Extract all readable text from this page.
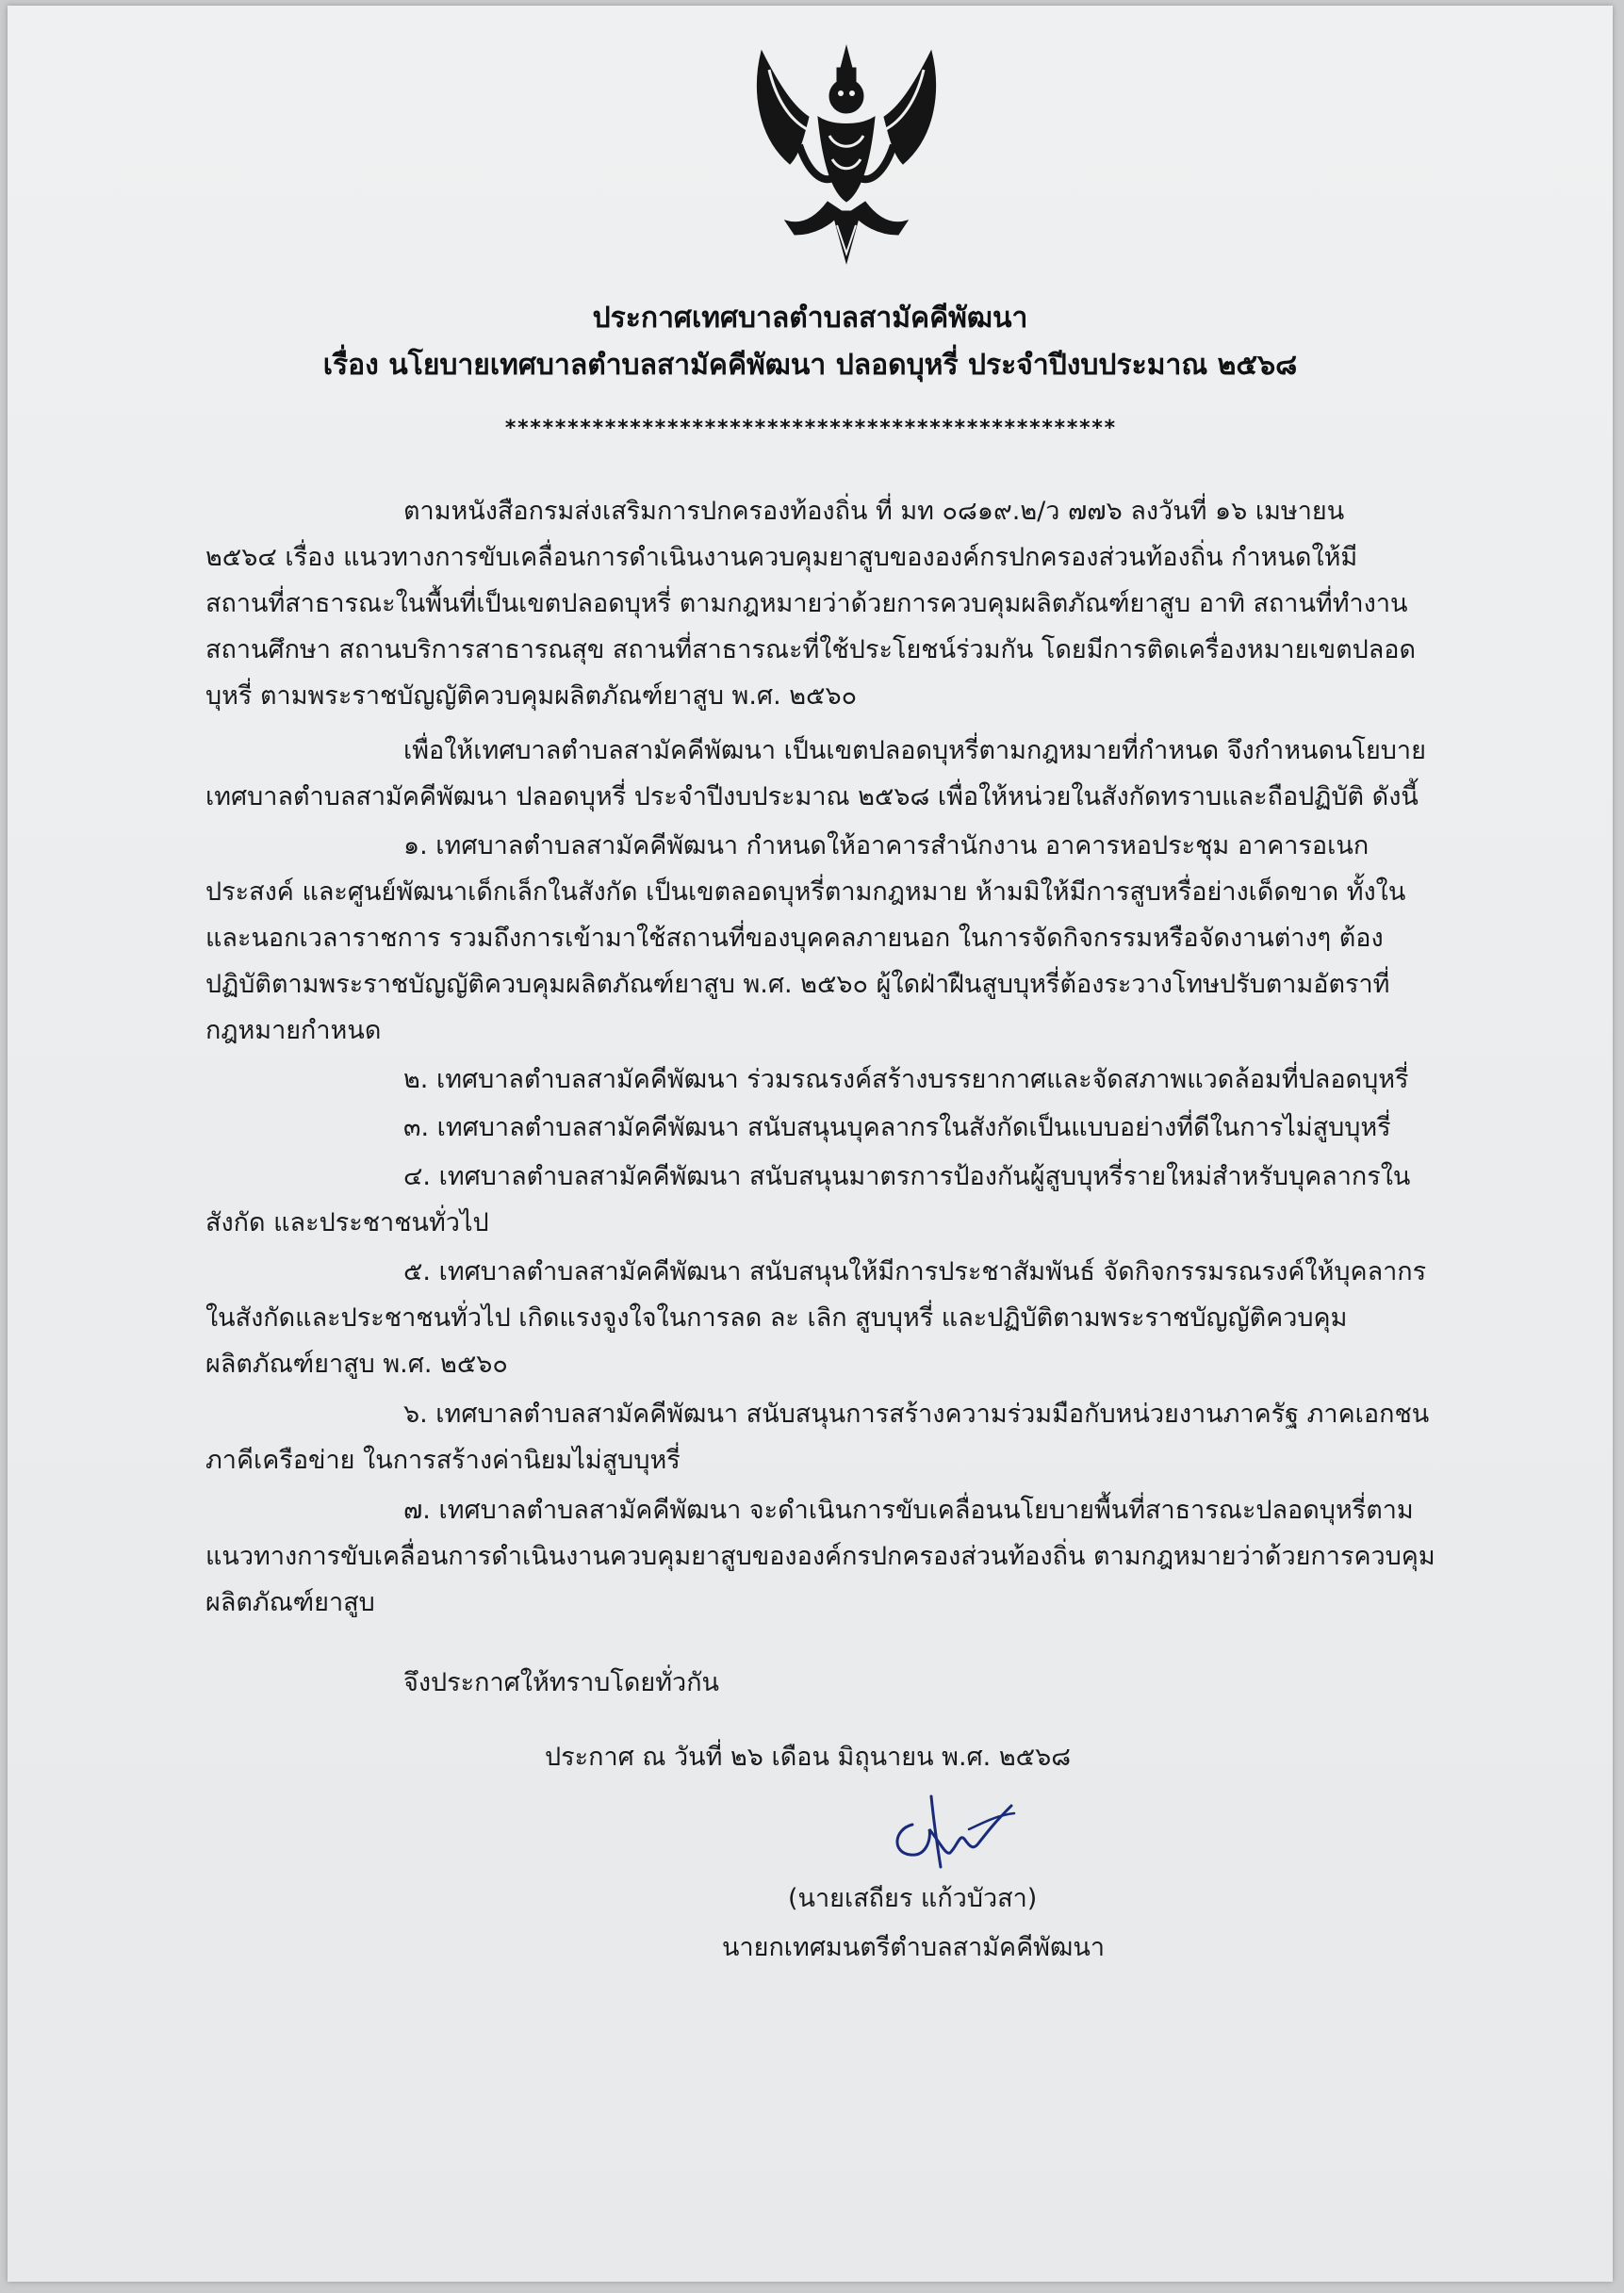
ประกาศเทศบาลตำบลสามัคคีพัฒนา
เรื่อง นโยบายเทศบาลตำบลสามัคคีพัฒนา ปลอดบุหรี่ ประจำปีงบประมาณ ๒๕๖๘
*************************************************
ตามหนังสือกรมส่งเสริมการปกครองท้องถิ่น ที่ มท ๐๘๑๙.๒/ว ๗๗๖ ลงวันที่ ๑๖ เมษายน
๒๕๖๔ เรื่อง แนวทางการขับเคลื่อนการดำเนินงานควบคุมยาสูบขององค์กรปกครองส่วนท้องถิ่น กำหนดให้มี
สถานที่สาธารณะในพื้นที่เป็นเขตปลอดบุหรี่ ตามกฎหมายว่าด้วยการควบคุมผลิตภัณฑ์ยาสูบ อาทิ สถานที่ทำงาน
สถานศึกษา สถานบริการสาธารณสุข สถานที่สาธารณะที่ใช้ประโยชน์ร่วมกัน โดยมีการติดเครื่องหมายเขตปลอด
บุหรี่ ตามพระราชบัญญัติควบคุมผลิตภัณฑ์ยาสูบ พ.ศ. ๒๕๖๐
เพื่อให้เทศบาลตำบลสามัคคีพัฒนา เป็นเขตปลอดบุหรี่ตามกฎหมายที่กำหนด จึงกำหนดนโยบาย
เทศบาลตำบลสามัคคีพัฒนา ปลอดบุหรี่ ประจำปีงบประมาณ ๒๕๖๘ เพื่อให้หน่วยในสังกัดทราบและถือปฏิบัติ ดังนี้
๑. เทศบาลตำบลสามัคคีพัฒนา กำหนดให้อาคารสำนักงาน อาคารหอประชุม อาคารอเนก
ประสงค์ และศูนย์พัฒนาเด็กเล็กในสังกัด เป็นเขตลอดบุหรี่ตามกฎหมาย ห้ามมิให้มีการสูบหรื่อย่างเด็ดขาด ทั้งใน
และนอกเวลาราชการ รวมถึงการเข้ามาใช้สถานที่ของบุคคลภายนอก ในการจัดกิจกรรมหรือจัดงานต่างๆ ต้อง
ปฏิบัติตามพระราชบัญญัติควบคุมผลิตภัณฑ์ยาสูบ พ.ศ. ๒๕๖๐ ผู้ใดฝ่าฝืนสูบบุหรี่ต้องระวางโทษปรับตามอัตราที่
กฎหมายกำหนด
๒. เทศบาลตำบลสามัคคีพัฒนา ร่วมรณรงค์สร้างบรรยากาศและจัดสภาพแวดล้อมที่ปลอดบุหรี่
๓. เทศบาลตำบลสามัคคีพัฒนา สนับสนุนบุคลากรในสังกัดเป็นแบบอย่างที่ดีในการไม่สูบบุหรี่
๔. เทศบาลตำบลสามัคคีพัฒนา สนับสนุนมาตรการป้องกันผู้สูบบุหรี่รายใหม่สำหรับบุคลากรใน
สังกัด และประชาชนทั่วไป
๕. เทศบาลตำบลสามัคคีพัฒนา สนับสนุนให้มีการประชาสัมพันธ์ จัดกิจกรรมรณรงค์ให้บุคลากร
ในสังกัดและประชาชนทั่วไป เกิดแรงจูงใจในการลด ละ เลิก สูบบุหรี่ และปฏิบัติตามพระราชบัญญัติควบคุม
ผลิตภัณฑ์ยาสูบ พ.ศ. ๒๕๖๐
๖. เทศบาลตำบลสามัคคีพัฒนา สนับสนุนการสร้างความร่วมมือกับหน่วยงานภาครัฐ ภาคเอกชน
ภาคีเครือข่าย ในการสร้างค่านิยมไม่สูบบุหรี่
๗. เทศบาลตำบลสามัคคีพัฒนา จะดำเนินการขับเคลื่อนนโยบายพื้นที่สาธารณะปลอดบุหรี่ตาม
แนวทางการขับเคลื่อนการดำเนินงานควบคุมยาสูบขององค์กรปกครองส่วนท้องถิ่น ตามกฎหมายว่าด้วยการควบคุม
ผลิตภัณฑ์ยาสูบ
จึงประกาศให้ทราบโดยทั่วกัน
ประกาศ ณ วันที่ ๒๖ เดือน มิถุนายน พ.ศ. ๒๕๖๘
(นายเสถียร แก้วบัวสา)
นายกเทศมนตรีตำบลสามัคคีพัฒนา
